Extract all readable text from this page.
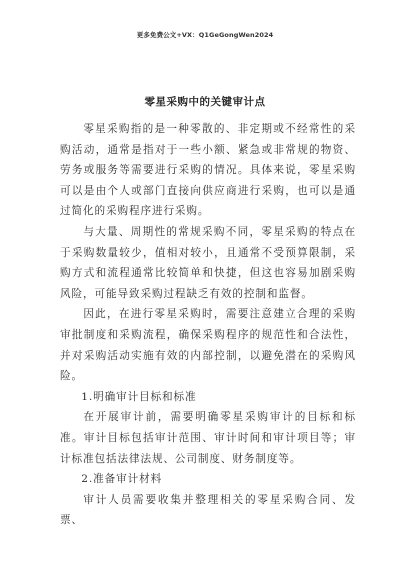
更多免费公文+VX：Q1GeGongWen2024
零星采购中的关键审计点

零星采购指的是一种零散的、非定期或不经常性的采购活动，通常是指对于一些小额、紧急或非常规的物资、劳务或服务等需要进行采购的情况。具体来说，零星采购可以是由个人或部门直接向供应商进行采购，也可以是通过简化的采购程序进行采购。

与大量、周期性的常规采购不同，零星采购的特点在于采购数量较少，值相对较小，且通常不受预算限制，采购方式和流程通常比较简单和快捷，但这也容易加剧采购风险，可能导致采购过程缺乏有效的控制和监督。

因此，在进行零星采购时，需要注意建立合理的采购审批制度和采购流程，确保采购程序的规范性和合法性，并对采购活动实施有效的内部控制，以避免潜在的采购风险。

1.明确审计目标和标准

在开展审计前，需要明确零星采购审计的目标和标准。审计目标包括审计范围、审计时间和审计项目等；审计标准包括法律法规、公司制度、财务制度等。

2.准备审计材料

审计人员需要收集并整理相关的零星采购合同、发票、
